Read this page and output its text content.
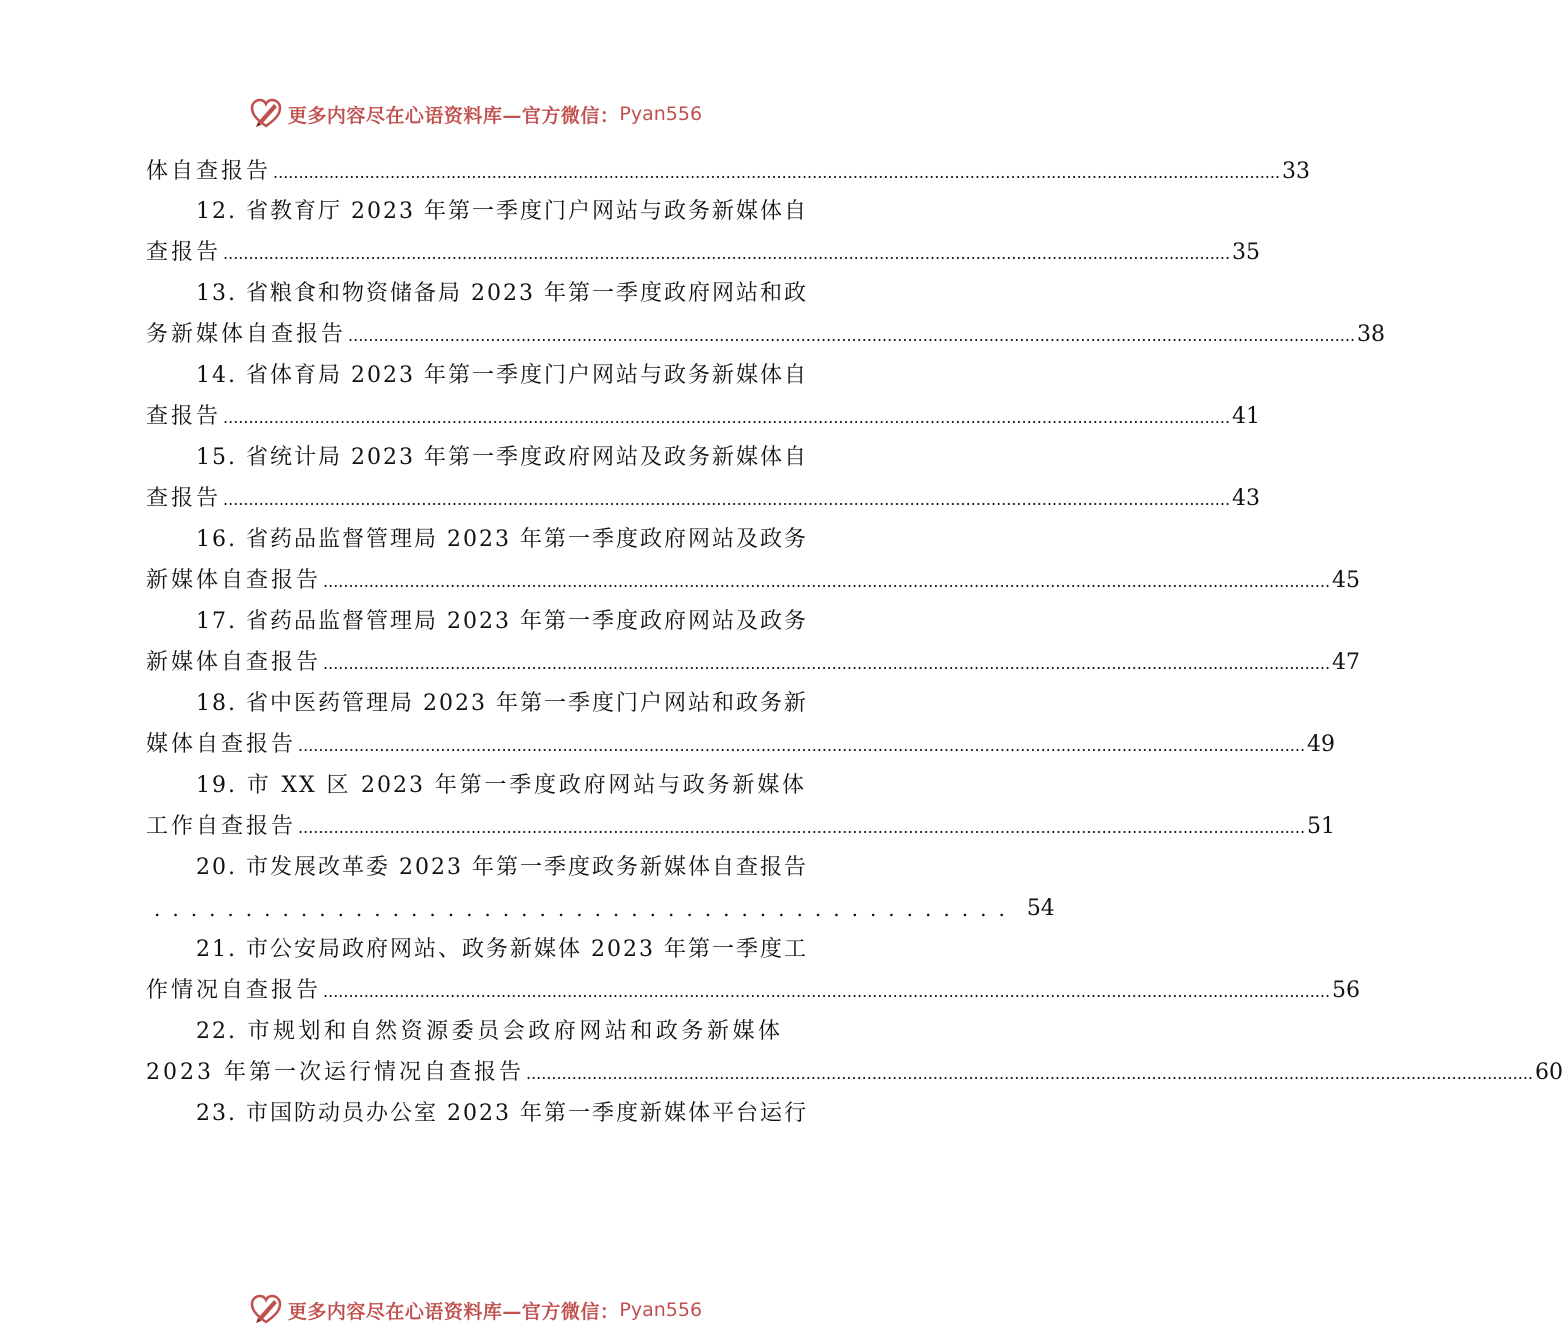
更多内容尽在心语资料库—官方微信： Pyan556
体自查报告 .....	33
12. 省教育厅 2023 年第一季度门户网站与政务新媒体自
查报告 .....	35
13. 省粮食和物资储备局 2023 年第一季度政府网站和政
务新媒体自查报告 .....	38
14. 省体育局 2023 年第一季度门户网站与政务新媒体自
查报告 .....	41
15. 省统计局 2023 年第一季度政府网站及政务新媒体自
查报告 .....	43
16. 省药品监督管理局 2023 年第一季度政府网站及政务
新媒体自查报告 .....	45
17. 省药品监督管理局 2023 年第一季度政府网站及政务
新媒体自查报告 .....	47
18. 省中医药管理局 2023 年第一季度门户网站和政务新
媒体自查报告 .....	49
19. 市 XX 区 2023 年第一季度政府网站与政务新媒体
工作自查报告 .....	51
20. 市发展改革委 2023 年第一季度政务新媒体自查报告
............................................... 54
21. 市公安局政府网站、政务新媒体 2023 年第一季度工
作情况自查报告 .....	56
22. 市规划和自然资源委员会政府网站和政务新媒体
2023 年第一次运行情况自查报告 .....	60
23. 市国防动员办公室 2023 年第一季度新媒体平台运行
更多内容尽在心语资料库—官方微信： Pyan556
